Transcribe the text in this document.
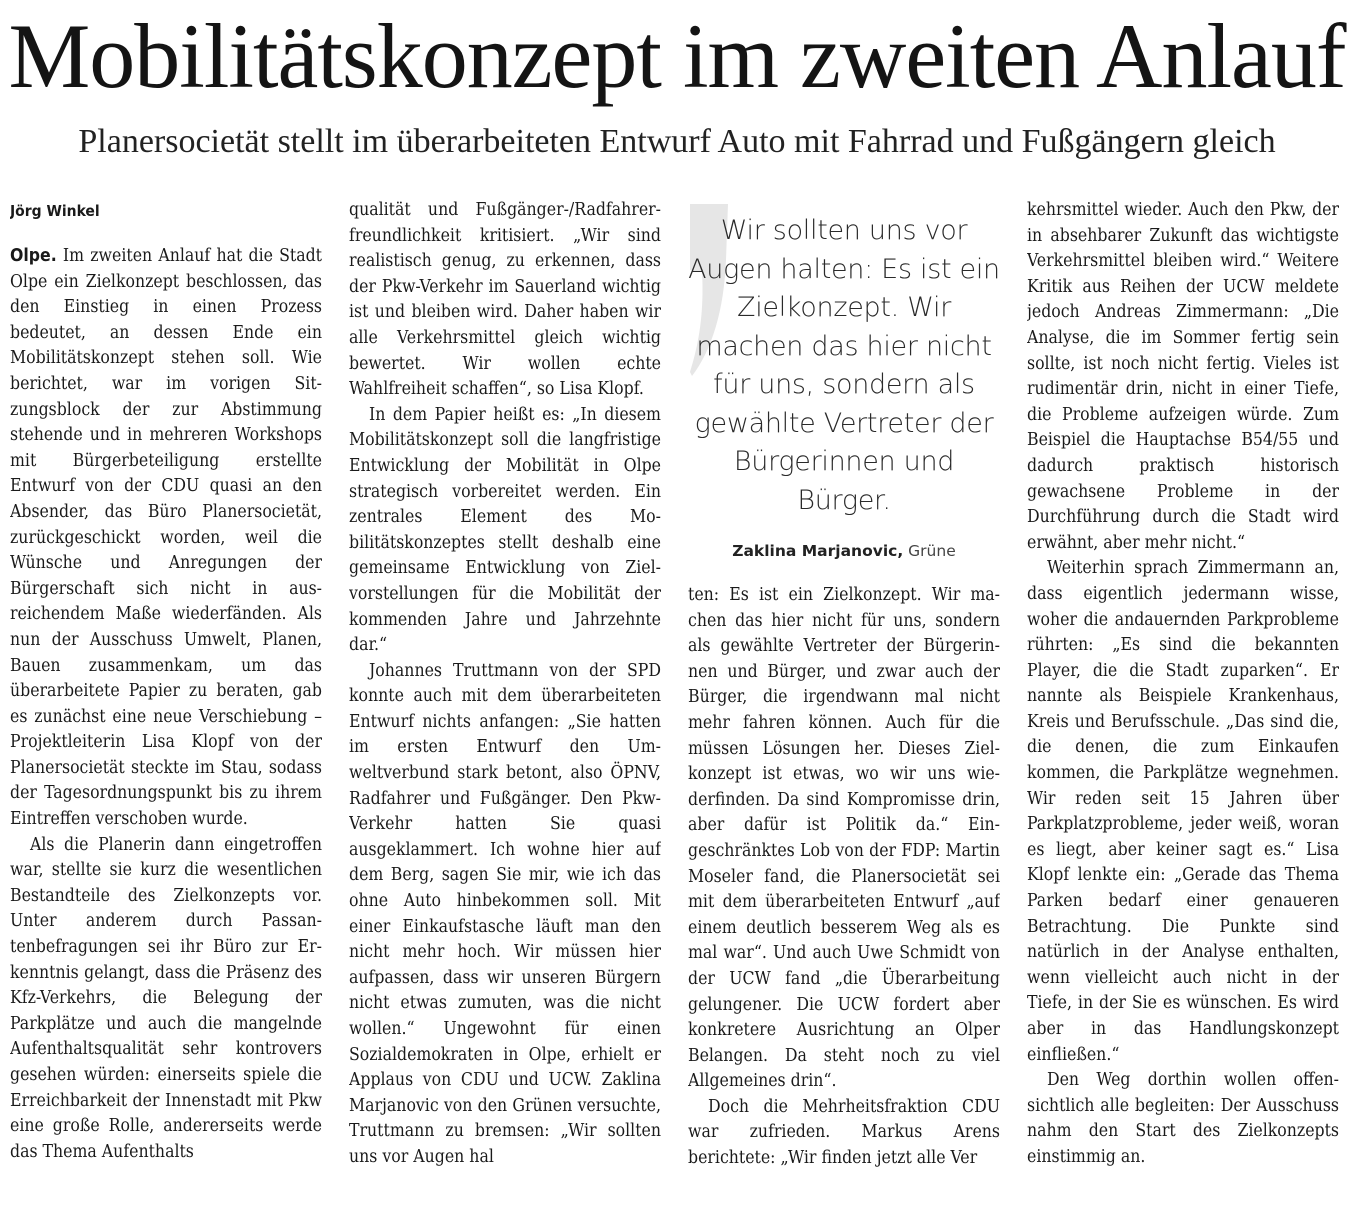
Mobilitätskonzept im zweiten Anlauf
Planersocietät stellt im überarbeiteten Entwurf Auto mit Fahrrad und Fußgängern gleich

Jörg Winkel

Olpe. Im zweiten Anlauf hat die Stadt Olpe ein Zielkonzept beschlossen, das den Einstieg in einen Prozess bedeutet, an dessen Ende ein Mobilitätskonzept stehen soll. Wie berichtet, war im vorigen Sitzungsblock der zur Abstimmung stehende und in mehreren Workshops mit Bürgerbeteiligung erstellte Entwurf von der CDU quasi an den Absender, das Büro Planersocietät, zurückgeschickt worden, weil die Wünsche und Anregungen der Bürgerschaft sich nicht in ausreichendem Maße wiederfänden. Als nun der Ausschuss Umwelt, Planen, Bauen zusammenkam, um das überarbeitete Papier zu beraten, gab es zunächst eine neue Verschiebung – Projektleiterin Lisa Klopf von der Planersocietät steckte im Stau, sodass der Tagesordnungspunkt bis zu ihrem Eintreffen verschoben wurde.

Als die Planerin dann eingetroffen war, stellte sie kurz die wesentlichen Bestandteile des Zielkonzepts vor. Unter anderem durch Passantenbefragungen sei ihr Büro zur Erkenntnis gelangt, dass die Präsenz des Kfz-Verkehrs, die Belegung der Parkplätze und auch die mangelnde Aufenthaltsqualität sehr kontrovers gesehen würden: einerseits spiele die Erreichbarkeit der Innenstadt mit Pkw eine große Rolle, andererseits werde das Thema Aufenthalts

qualität und Fußgänger-/Radfahrerfreundlichkeit kritisiert. „Wir sind realistisch genug, zu erkennen, dass der Pkw-Verkehr im Sauerland wichtig ist und bleiben wird. Daher haben wir alle Verkehrsmittel gleich wichtig bewertet. Wir wollen echte Wahlfreiheit schaffen“, so Lisa Klopf.

In dem Papier heißt es: „In diesem Mobilitätskonzept soll die langfristige Entwicklung der Mobilität in Olpe strategisch vorbereitet werden. Ein zentrales Element des Mobilitätskonzeptes stellt deshalb eine gemeinsame Entwicklung von Zielvorstellungen für die Mobilität der kommenden Jahre und Jahrzehnte dar.“

Johannes Truttmann von der SPD konnte auch mit dem überarbeiteten Entwurf nichts anfangen: „Sie hatten im ersten Entwurf den Umweltverbund stark betont, also ÖPNV, Radfahrer und Fußgänger. Den Pkw-Verkehr hatten Sie quasi ausgeklammert. Ich wohne hier auf dem Berg, sagen Sie mir, wie ich das ohne Auto hinbekommen soll. Mit einer Einkaufstasche läuft man den nicht mehr hoch. Wir müssen hier aufpassen, dass wir unseren Bürgern nicht etwas zumuten, was die nicht wollen.“ Ungewohnt für einen Sozialdemokraten in Olpe, erhielt er Applaus von CDU und UCW. Zaklina Marjanovic von den Grünen versuchte, Truttmann zu bremsen: „Wir sollten uns vor Augen hal

Wir sollten uns vor Augen halten: Es ist ein Zielkonzept. Wir machen das hier nicht für uns, sondern als gewählte Vertreter der Bürgerinnen und Bürger.

Zaklina Marjanovic, Grüne

ten: Es ist ein Zielkonzept. Wir machen das hier nicht für uns, sondern als gewählte Vertreter der Bürgerinnen und Bürger, und zwar auch der Bürger, die irgendwann mal nicht mehr fahren können. Auch für die müssen Lösungen her. Dieses Zielkonzept ist etwas, wo wir uns wiederfinden. Da sind Kompromisse drin, aber dafür ist Politik da.“ Eingeschränktes Lob von der FDP: Martin Moseler fand, die Planersocietät sei mit dem überarbeiteten Entwurf „auf einem deutlich besserem Weg als es mal war“. Und auch Uwe Schmidt von der UCW fand „die Überarbeitung gelungener. Die UCW fordert aber konkretere Ausrichtung an Olper Belangen. Da steht noch zu viel Allgemeines drin“.

Doch die Mehrheitsfraktion CDU war zufrieden. Markus Arens berichtete: „Wir finden jetzt alle Ver

kehrsmittel wieder. Auch den Pkw, der in absehbarer Zukunft das wichtigste Verkehrsmittel bleiben wird.“ Weitere Kritik aus Reihen der UCW meldete jedoch Andreas Zimmermann: „Die Analyse, die im Sommer fertig sein sollte, ist noch nicht fertig. Vieles ist rudimentär drin, nicht in einer Tiefe, die Probleme aufzeigen würde. Zum Beispiel die Hauptachse B54/55 und dadurch praktisch historisch gewachsene Probleme in der Durchführung durch die Stadt wird erwähnt, aber mehr nicht.“

Weiterhin sprach Zimmermann an, dass eigentlich jedermann wisse, woher die andauernden Parkprobleme rührten: „Es sind die bekannten Player, die die Stadt zuparken“. Er nannte als Beispiele Krankenhaus, Kreis und Berufsschule. „Das sind die, die denen, die zum Einkaufen kommen, die Parkplätze wegnehmen. Wir reden seit 15 Jahren über Parkplatzprobleme, jeder weiß, woran es liegt, aber keiner sagt es.“ Lisa Klopf lenkte ein: „Gerade das Thema Parken bedarf einer genaueren Betrachtung. Die Punkte sind natürlich in der Analyse enthalten, wenn vielleicht auch nicht in der Tiefe, in der Sie es wünschen. Es wird aber in das Handlungskonzept einfließen.“

Den Weg dorthin wollen offensichtlich alle begleiten: Der Ausschuss nahm den Start des Zielkonzepts einstimmig an.
